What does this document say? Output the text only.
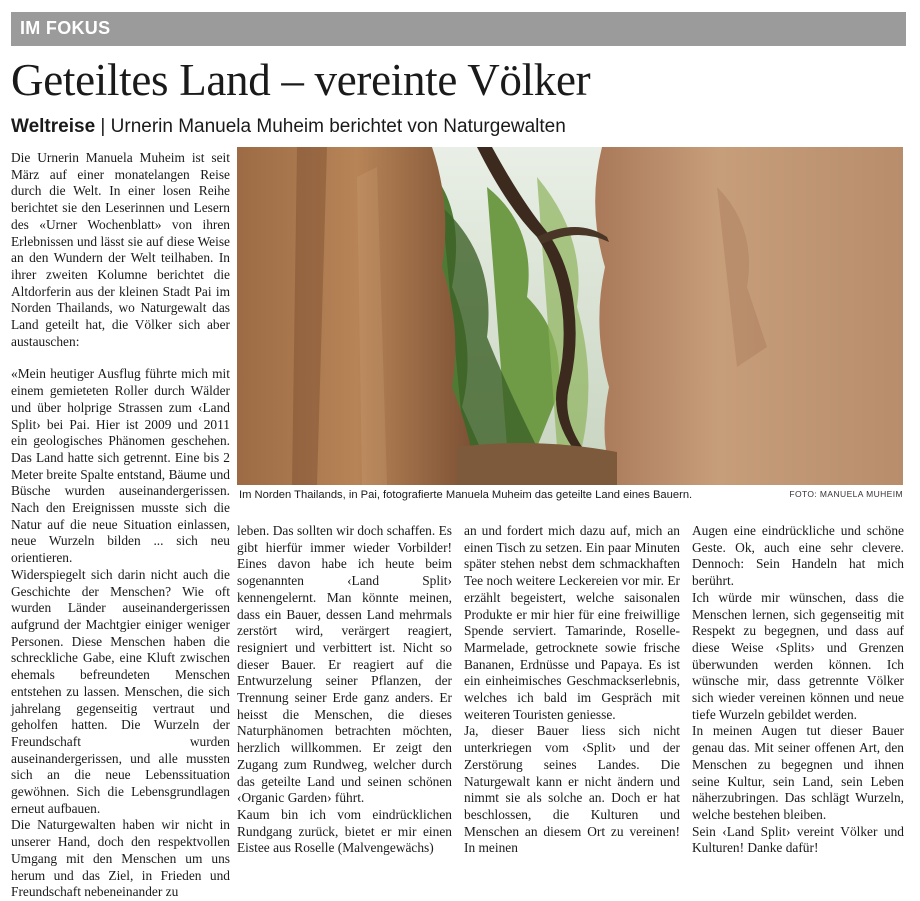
IM FOKUS
Geteiltes Land – vereinte Völker
Weltreise | Urnerin Manuela Muheim berichtet von Naturgewalten

Die Urnerin Manuela Muheim ist seit März auf einer monatelangen Reise durch die Welt. In einer losen Reihe berichtet sie den Leserinnen und Lesern des «Urner Wochenblatt» von ihren Erlebnissen und lässt sie auf diese Weise an den Wundern der Welt teilhaben. In ihrer zweiten Kolumne berichtet die Altdorferin aus der kleinen Stadt Pai im Norden Thailands, wo Naturgewalt das Land geteilt hat, die Völker sich aber austauschen:

«Mein heutiger Ausflug führte mich mit einem gemieteten Roller durch Wälder und über holprige Strassen zum ‹Land Split› bei Pai. Hier ist 2009 und 2011 ein geologisches Phänomen geschehen. Das Land hatte sich getrennt. Eine bis 2 Meter breite Spalte entstand, Bäume und Büsche wurden auseinandergerissen. Nach den Ereignissen musste sich die Natur auf die neue Situation einlassen, neue Wurzeln bilden ... sich neu orientieren.

Widerspiegelt sich darin nicht auch die Geschichte der Menschen? Wie oft wurden Länder auseinandergerissen aufgrund der Machtgier einiger weniger Personen. Diese Menschen haben die schreckliche Gabe, eine Kluft zwischen ehemals befreundeten Menschen entstehen zu lassen. Menschen, die sich jahrelang gegenseitig vertraut und geholfen hatten. Die Wurzeln der Freundschaft wurden auseinandergerissen, und alle mussten sich an die neue Lebenssituation gewöhnen. Sich die Lebensgrundlagen erneut aufbauen.

Die Naturgewalten haben wir nicht in unserer Hand, doch den respektvollen Umgang mit den Menschen um uns herum und das Ziel, in Frieden und Freundschaft nebeneinander zu

Im Norden Thailands, in Pai, fotografierte Manuela Muheim das geteilte Land eines Bauern.	FOTO: MANUELA MUHEIM

leben. Das sollten wir doch schaffen. Es gibt hierfür immer wieder Vorbilder! Eines davon habe ich heute beim sogenannten ‹Land Split› kennengelernt. Man könnte meinen, dass ein Bauer, dessen Land mehrmals zerstört wird, verärgert reagiert, resigniert und verbittert ist. Nicht so dieser Bauer. Er reagiert auf die Entwurzelung seiner Pflanzen, der Trennung seiner Erde ganz anders. Er heisst die Menschen, die dieses Naturphänomen betrachten möchten, herzlich willkommen. Er zeigt den Zugang zum Rundweg, welcher durch das geteilte Land und seinen schönen ‹Organic Garden› führt.

Kaum bin ich vom eindrücklichen Rundgang zurück, bietet er mir einen Eistee aus Roselle (Malvengewächs)

an und fordert mich dazu auf, mich an einen Tisch zu setzen. Ein paar Minuten später stehen nebst dem schmackhaften Tee noch weitere Leckereien vor mir. Er erzählt begeistert, welche saisonalen Produkte er mir hier für eine freiwillige Spende serviert. Tamarinde, Roselle-Marmelade, getrocknete sowie frische Bananen, Erdnüsse und Papaya. Es ist ein einheimisches Geschmackserlebnis, welches ich bald im Gespräch mit weiteren Touristen geniesse.

Ja, dieser Bauer liess sich nicht unterkriegen vom ‹Split› und der Zerstörung seines Landes. Die Naturgewalt kann er nicht ändern und nimmt sie als solche an. Doch er hat beschlossen, die Kulturen und Menschen an diesem Ort zu vereinen! In meinen

Augen eine eindrückliche und schöne Geste. Ok, auch eine sehr clevere. Dennoch: Sein Handeln hat mich berührt.

Ich würde mir wünschen, dass die Menschen lernen, sich gegenseitig mit Respekt zu begegnen, und dass auf diese Weise ‹Splits› und Grenzen überwunden werden können. Ich wünsche mir, dass getrennte Völker sich wieder vereinen können und neue tiefe Wurzeln gebildet werden.

In meinen Augen tut dieser Bauer genau das. Mit seiner offenen Art, den Menschen zu begegnen und ihnen seine Kultur, sein Land, sein Leben näherzubringen. Das schlägt Wurzeln, welche bestehen bleiben.

Sein ‹Land Split› vereint Völker und Kulturen! Danke dafür!
